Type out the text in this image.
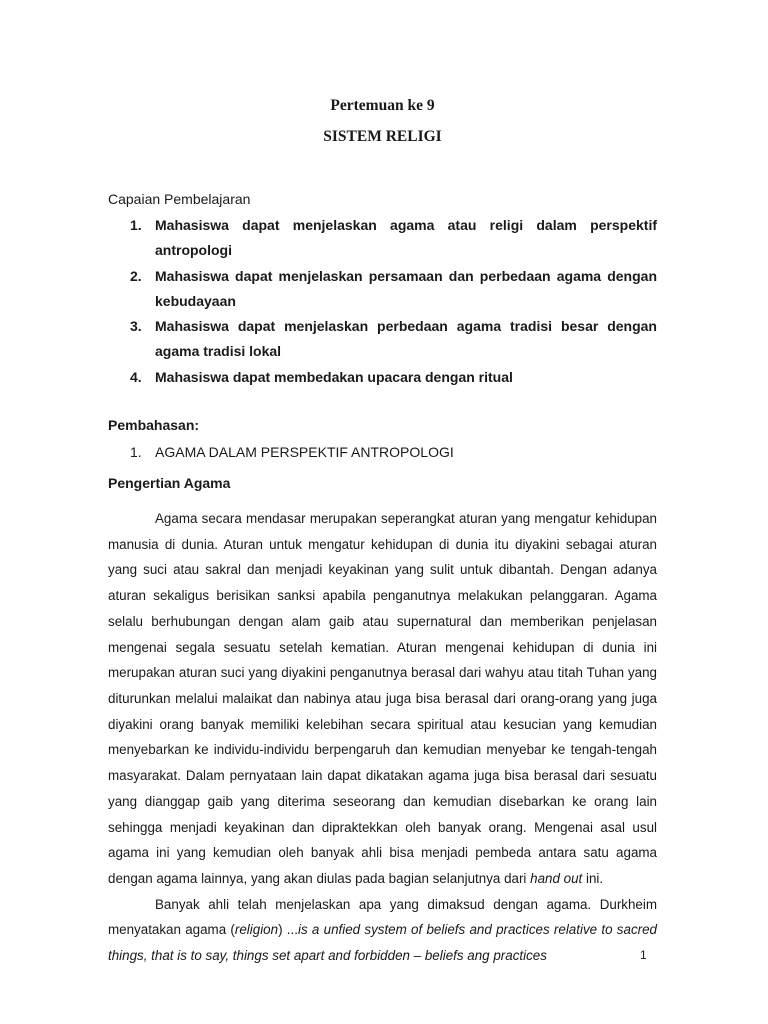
Pertemuan ke 9

SISTEM RELIGI

Capaian Pembelajaran

1. Mahasiswa dapat menjelaskan agama atau religi dalam perspektif antropologi
2. Mahasiswa dapat menjelaskan persamaan dan perbedaan agama dengan kebudayaan
3. Mahasiswa dapat menjelaskan perbedaan agama tradisi besar dengan agama tradisi lokal
4. Mahasiswa dapat membedakan upacara dengan ritual

Pembahasan:

1. AGAMA DALAM PERSPEKTIF ANTROPOLOGI

Pengertian Agama

Agama secara mendasar merupakan seperangkat aturan yang mengatur kehidupan manusia di dunia. Aturan untuk mengatur kehidupan di dunia itu diyakini sebagai aturan yang suci atau sakral dan menjadi keyakinan yang sulit untuk dibantah. Dengan adanya aturan sekaligus berisikan sanksi apabila penganutnya melakukan pelanggaran. Agama selalu berhubungan dengan alam gaib atau supernatural dan memberikan penjelasan mengenai segala sesuatu setelah kematian. Aturan mengenai kehidupan di dunia ini merupakan aturan suci yang diyakini penganutnya berasal dari wahyu atau titah Tuhan yang diturunkan melalui malaikat dan nabinya atau juga bisa berasal dari orang-orang yang juga diyakini orang banyak memiliki kelebihan secara spiritual atau kesucian yang kemudian menyebarkan ke individu-individu berpengaruh dan kemudian menyebar ke tengah-tengah masyarakat. Dalam pernyataan lain dapat dikatakan agama juga bisa berasal dari sesuatu yang dianggap gaib yang diterima seseorang dan kemudian disebarkan ke orang lain sehingga menjadi keyakinan dan dipraktekkan oleh banyak orang. Mengenai asal usul agama ini yang kemudian oleh banyak ahli bisa menjadi pembeda antara satu agama dengan agama lainnya, yang akan diulas pada bagian selanjutnya dari hand out ini.

Banyak ahli telah menjelaskan apa yang dimaksud dengan agama. Durkheim menyatakan agama (religion) ...is a unfied system of beliefs and practices relative to sacred things, that is to say, things set apart and forbidden – beliefs ang practices	1
